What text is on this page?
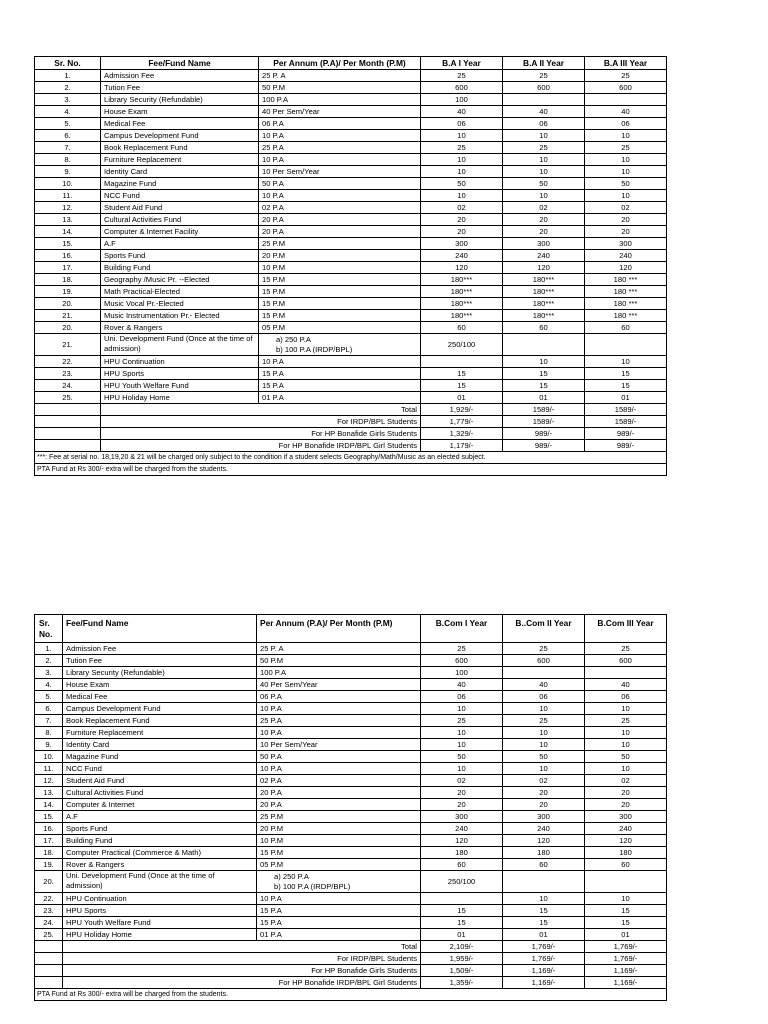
Sr. No.	Fee/Fund Name	Per Annum (P.A)/ Per Month (P.M)	B.A I Year	B.A II Year	B.A III Year
1.	Admission Fee	25 P. A	25	25	25
2.	Tution Fee	50 P.M	600	600	600
3.	Library Security (Refundable)	100 P.A	100		
4.	House Exam	40 Per Sem/Year	40	40	40
5.	Medical Fee	06 P.A	06	06	06
6.	Campus Development Fund	10 P.A	10	10	10
7.	Book Replacement Fund	25 P.A	25	25	25
8.	Furniture Replacement	10 P.A	10	10	10
9.	Identity Card	10 Per Sem/Year	10	10	10
10.	Magazine Fund	50 P.A	50	50	50
11.	NCC Fund	10 P.A	10	10	10
12.	Student Aid Fund	02 P.A	02	02	02
13.	Cultural Activities Fund	20 P.A	20	20	20
14.	Computer & Internet Facility	20 P.A	20	20	20
15.	A.F	25 P.M	300	300	300
16.	Sports Fund	20 P.M	240	240	240
17.	Building Fund	10 P.M	120	120	120
18.	Geography /Music Pr. --Elected	15 P.M	180***	180***	180 ***
19.	Math Practical-Elected	15 P.M	180***	180***	180 ***
20.	Music Vocal Pr.-Elected	15 P.M	180***	180***	180 ***
21.	Music Instrumentation Pr.- Elected	15 P.M	180***	180***	180 ***
20.	Rover & Rangers	05 P.M	60	60	60
21.	Uni. Development Fund (Once at the time of admission)	a) 250 P.A
b) 100 P.A (IRDP/BPL)	250/100		
22.	HPU Continuation	10 P.A		10	10
23.	HPU Sports	15 P.A	15	15	15
24.	HPU Youth Welfare Fund	15 P.A	15	15	15
25.	HPU Holiday Home	01 P.A	01	01	01
	Total		1,929/-	1589/-	1589/-
	For IRDP/BPL Students		1,779/-	1589/-	1589/-
	For HP Bonafide Girls Students		1,329/-	989/-	989/-
	For HP Bonafide IRDP/BPL Girl Students		1,179/-	989/-	989/-
***: Fee at serial no. 18,19,20 & 21 will be charged only subject to the condition if a student selects Geography/Math/Music as an elected subject.					
PTA Fund at Rs 300/- extra will be charged from the students.					
Sr. No.	Fee/Fund Name	Per Annum (P.A)/ Per Month (P.M)	B.Com I Year	B..Com II Year	B.Com III Year
1.	Admission Fee	25 P. A	25	25	25
2.	Tution Fee	50 P.M	600	600	600
3.	Library Security (Refundable)	100 P.A	100		
4.	House Exam	40 Per Sem/Year	40	40	40
5.	Medical Fee	06 P.A	06	06	06
6.	Campus Development Fund	10 P.A	10	10	10
7.	Book Replacement Fund	25 P.A	25	25	25
8.	Furniture Replacement	10 P.A	10	10	10
9.	Identity Card	10 Per Sem/Year	10	10	10
10.	Magazine Fund	50 P.A	50	50	50
11.	NCC Fund	10 P.A	10	10	10
12.	Student Aid Fund	02 P.A	02	02	02
13.	Cultural Activities Fund	20 P.A	20	20	20
14.	Computer & Internet	20 P.A	20	20	20
15.	A.F	25 P.M	300	300	300
16.	Sports Fund	20 P.M	240	240	240
17.	Building Fund	10 P.M	120	120	120
18.	Computer Practical (Commerce & Math)	15 P.M	180	180	180
19.	Rover & Rangers	05 P.M	60	60	60
20.	Uni. Development Fund (Once at the time of admission)	a) 250 P.A
b) 100 P.A (IRDP/BPL)	250/100		
22.	HPU Continuation	10 P.A		10	10
23.	HPU Sports	15 P.A	15	15	15
24.	HPU Youth Welfare Fund	15 P.A	15	15	15
25.	HPU Holiday Home	01 P.A	01	01	01
	Total		2,109/-	1,769/-	1,769/-
	For IRDP/BPL Students		1,959/-	1,769/-	1,769/-
	For HP Bonafide Girls Students		1,509/-	1,169/-	1,169/-
	For HP Bonafide IRDP/BPL Girl Students		1,359/-	1,169/-	1,169/-
PTA Fund at Rs 300/- extra will be charged from the students.					
